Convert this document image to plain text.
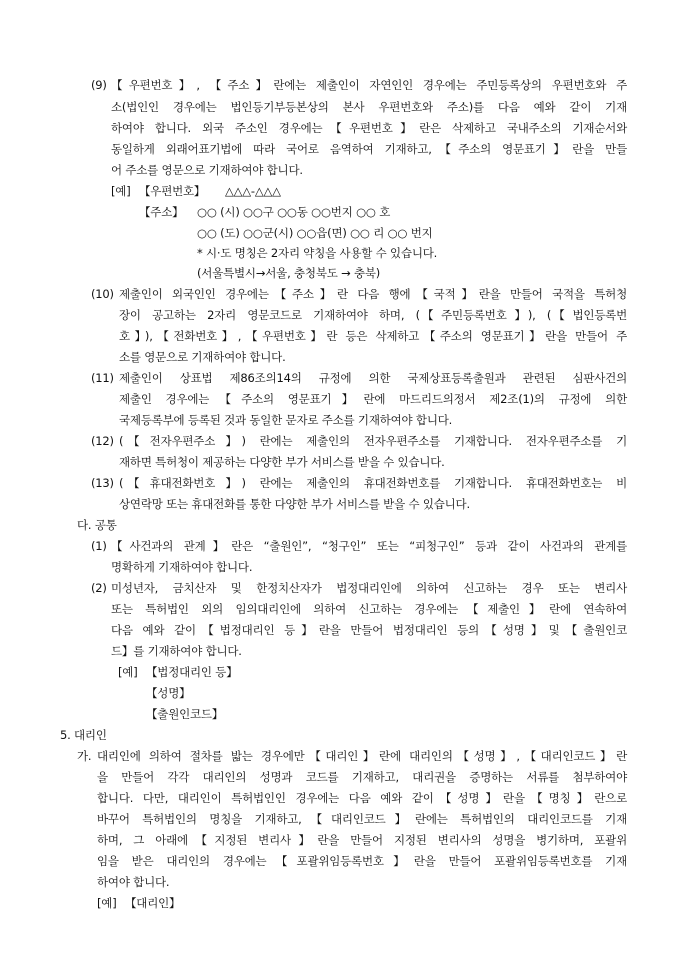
(9) 【우편번호】, 【주소】란에는 제출인이 자연인인 경우에는 주민등록상의 우편번호와 주
소(법인인 경우에는 법인등기부등본상의 본사 우편번호와 주소)를 다음 예와 같이 기재
하여야 합니다. 외국 주소인 경우에는【우편번호】란은 삭제하고 국내주소의 기재순서와
동일하게 외래어표기법에 따라 국어로 음역하여 기재하고,【주소의 영문표기】란을 만들
어 주소를 영문으로 기재하여야 합니다.
[예] 【우편번호】 △△△-△△△
【주소】 ○○ (시) ○○구 ○○동 ○○번지 ○○ 호
○○ (도) ○○군(시) ○○읍(면) ○○ 리 ○○ 번지
* 시·도 명칭은 2자리 약칭을 사용할 수 있습니다.
(서울특별시→서울, 충청북도 → 충북)
(10) 제출인이 외국인인 경우에는【주소】란 다음 행에【국적】란을 만들어 국적을 특허청
장이 공고하는 2자리 영문코드로 기재하여야 하며, (【주민등록번호】), (【법인등록번
호】),【전화번호】,【우편번호】란 등은 삭제하고【주소의 영문표기】란을 만들어 주
소를 영문으로 기재하여야 합니다.
(11) 제출인이 상표법 제86조의14의 규정에 의한 국제상표등록출원과 관련된 심판사건의
제출인 경우에는【주소의 영문표기】란에 마드리드의정서 제2조(1)의 규정에 의한
국제등록부에 등록된 것과 동일한 문자로 주소를 기재하여야 합니다.
(12) (【전자우편주소】) 란에는 제출인의 전자우편주소를 기재합니다. 전자우편주소를 기
재하면 특허청이 제공하는 다양한 부가 서비스를 받을 수 있습니다.
(13) (【휴대전화번호】) 란에는 제출인의 휴대전화번호를 기재합니다. 휴대전화번호는 비
상연락망 또는 휴대전화를 통한 다양한 부가 서비스를 받을 수 있습니다.
다. 공통
(1) 【사건과의 관계】란은 “출원인”, “청구인” 또는 “피청구인” 등과 같이 사건과의 관계를
명확하게 기재하여야 합니다.
(2) 미성년자, 금치산자 및 한정치산자가 법정대리인에 의하여 신고하는 경우 또는 변리사
또는 특허법인 외의 임의대리인에 의하여 신고하는 경우에는【제출인】란에 연속하여
다음 예와 같이【법정대리인 등】란을 만들어 법정대리인 등의【성명】및【출원인코
드】를 기재하여야 합니다.
[예] 【법정대리인 등】
【성명】
【출원인코드】
5. 대리인
가. 대리인에 의하여 절차를 밟는 경우에만【대리인】란에 대리인의【성명】,【대리인코드】란
을 만들어 각각 대리인의 성명과 코드를 기재하고, 대리권을 증명하는 서류를 첨부하여야
합니다. 다만, 대리인이 특허법인인 경우에는 다음 예와 같이【성명】란을【명칭】란으로
바꾸어 특허법인의 명칭을 기재하고,【대리인코드】란에는 특허법인의 대리인코드를 기재
하며, 그 아래에【지정된 변리사】란을 만들어 지정된 변리사의 성명을 병기하며, 포괄위
임을 받은 대리인의 경우에는【포괄위임등록번호】란을 만들어 포괄위임등록번호를 기재
하여야 합니다.
[예] 【대리인】
